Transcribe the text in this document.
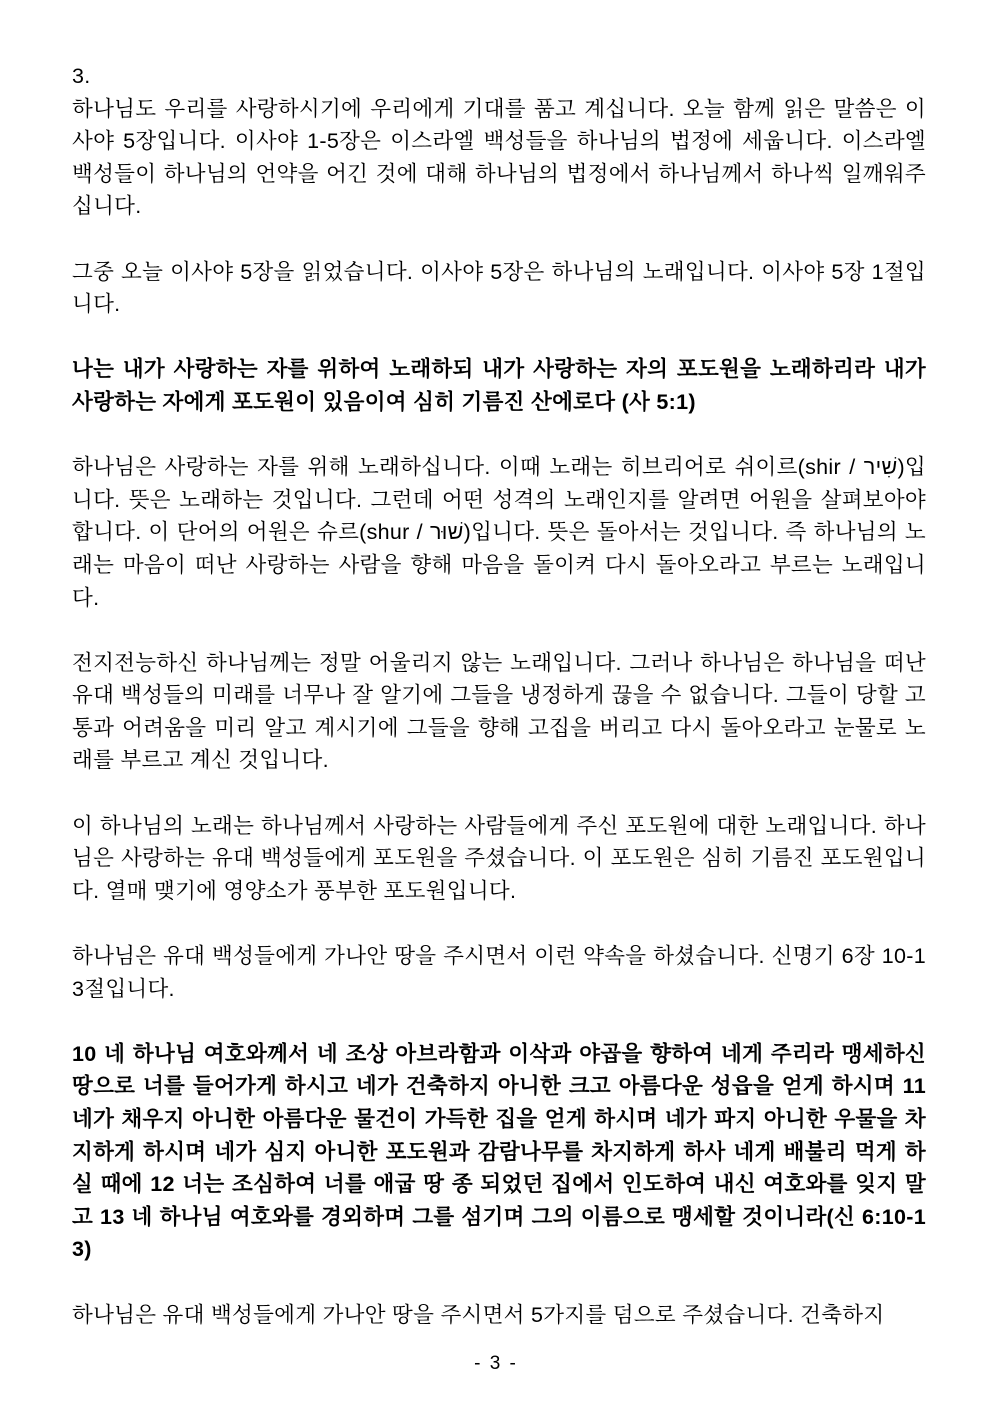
3.

하나님도 우리를 사랑하시기에 우리에게 기대를 품고 계십니다. 오늘 함께 읽은 말씀은 이사야 5장입니다. 이사야 1-5장은 이스라엘 백성들을 하나님의 법정에 세웁니다. 이스라엘 백성들이 하나님의 언약을 어긴 것에 대해 하나님의 법정에서 하나님께서 하나씩 일깨워주십니다.

그중 오늘 이사야 5장을 읽었습니다. 이사야 5장은 하나님의 노래입니다. 이사야 5장 1절입니다.

나는 내가 사랑하는 자를 위하여 노래하되 내가 사랑하는 자의 포도원을 노래하리라 내가 사랑하는 자에게 포도원이 있음이여 심히 기름진 산에로다 (사 5:1)

하나님은 사랑하는 자를 위해 노래하십니다. 이때 노래는 히브리어로 쉬이르(shir / שִׁיר)입니다. 뜻은 노래하는 것입니다. 그런데 어떤 성격의 노래인지를 알려면 어원을 살펴보아야 합니다. 이 단어의 어원은 슈르(shur / שׁוּר)입니다. 뜻은 돌아서는 것입니다. 즉 하나님의 노래는 마음이 떠난 사랑하는 사람을 향해 마음을 돌이켜 다시 돌아오라고 부르는 노래입니다.

전지전능하신 하나님께는 정말 어울리지 않는 노래입니다. 그러나 하나님은 하나님을 떠난 유대 백성들의 미래를 너무나 잘 알기에 그들을 냉정하게 끊을 수 없습니다. 그들이 당할 고통과 어려움을 미리 알고 계시기에 그들을 향해 고집을 버리고 다시 돌아오라고 눈물로 노래를 부르고 계신 것입니다.

이 하나님의 노래는 하나님께서 사랑하는 사람들에게 주신 포도원에 대한 노래입니다. 하나님은 사랑하는 유대 백성들에게 포도원을 주셨습니다. 이 포도원은 심히 기름진 포도원입니다. 열매 맺기에 영양소가 풍부한 포도원입니다.

하나님은 유대 백성들에게 가나안 땅을 주시면서 이런 약속을 하셨습니다. 신명기 6장 10-13절입니다.

10 네 하나님 여호와께서 네 조상 아브라함과 이삭과 야곱을 향하여 네게 주리라 맹세하신 땅으로 너를 들어가게 하시고 네가 건축하지 아니한 크고 아름다운 성읍을 얻게 하시며 11 네가 채우지 아니한 아름다운 물건이 가득한 집을 얻게 하시며 네가 파지 아니한 우물을 차지하게 하시며 네가 심지 아니한 포도원과 감람나무를 차지하게 하사 네게 배불리 먹게 하실 때에 12 너는 조심하여 너를 애굽 땅 종 되었던 집에서 인도하여 내신 여호와를 잊지 말고 13 네 하나님 여호와를 경외하며 그를 섬기며 그의 이름으로 맹세할 것이니라(신 6:10-13)

하나님은 유대 백성들에게 가나안 땅을 주시면서 5가지를 덤으로 주셨습니다. 건축하지

- 3 -
